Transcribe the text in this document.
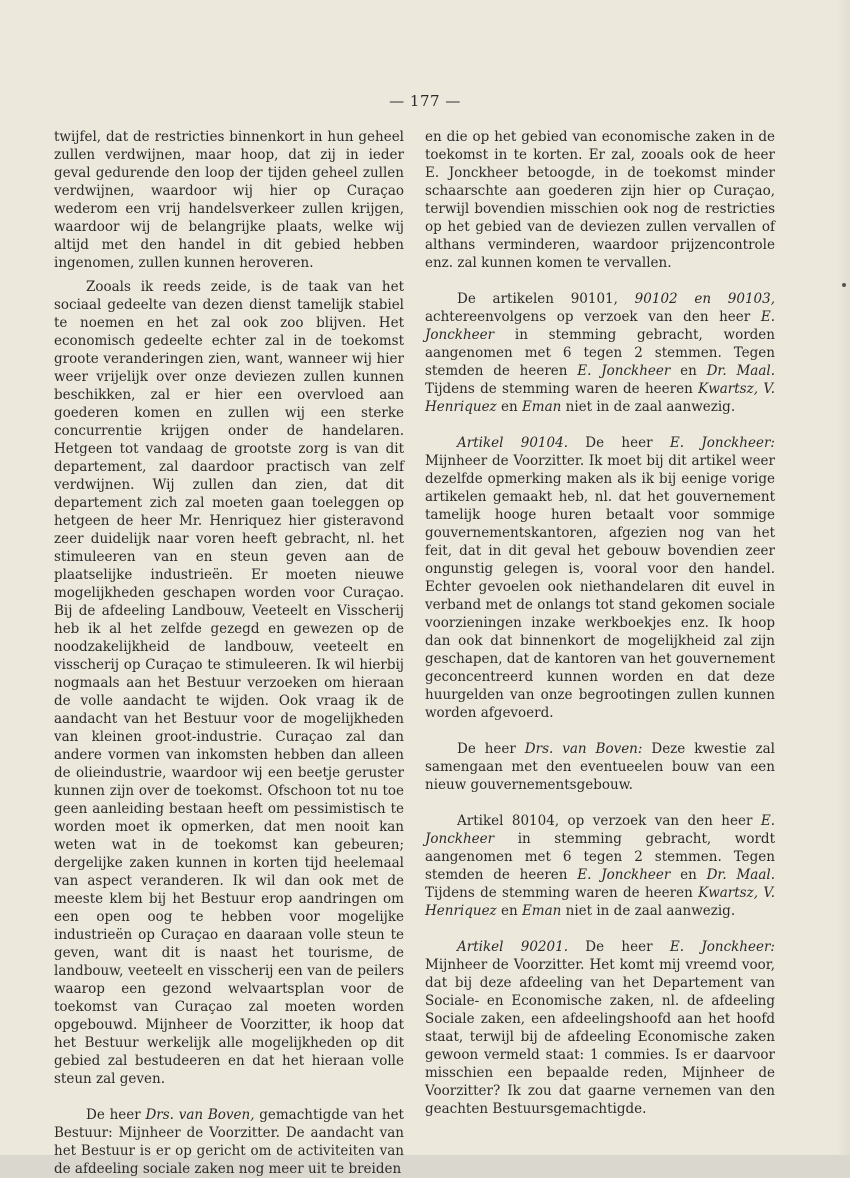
— 177 —

twijfel, dat de restricties binnenkort in hun geheel zullen verdwijnen, maar hoop, dat zij in ieder geval gedurende den loop der tijden geheel zullen verdwijnen, waardoor wij hier op Curaçao wederom een vrij handelsverkeer zullen krijgen, waardoor wij de belangrijke plaats, welke wij altijd met den handel in dit gebied hebben ingenomen, zullen kunnen heroveren.

Zooals ik reeds zeide, is de taak van het sociaal gedeelte van dezen dienst tamelijk stabiel te noemen en het zal ook zoo blijven. Het economisch gedeelte echter zal in de toekomst groote veranderingen zien, want, wanneer wij hier weer vrijelijk over onze deviezen zullen kunnen beschikken, zal er hier een overvloed aan goederen komen en zullen wij een sterke concurrentie krijgen onder de handelaren. Hetgeen tot vandaag de grootste zorg is van dit departement, zal daardoor practisch van zelf verdwijnen. Wij zullen dan zien, dat dit departement zich zal moeten gaan toeleggen op hetgeen de heer Mr. Henriquez hier gisteravond zeer duidelijk naar voren heeft gebracht, nl. het stimuleeren van en steun geven aan de plaatselijke industrieën. Er moeten nieuwe mogelijkheden geschapen worden voor Curaçao. Bij de afdeeling Landbouw, Veeteelt en Visscherij heb ik al het zelfde gezegd en gewezen op de noodzakelijkheid de landbouw, veeteelt en visscherij op Curaçao te stimuleeren. Ik wil hierbij nogmaals aan het Bestuur verzoeken om hieraan de volle aandacht te wijden. Ook vraag ik de aandacht van het Bestuur voor de mogelijkheden van kleinen groot-industrie. Curaçao zal dan andere vormen van inkomsten hebben dan alleen de olieindustrie, waardoor wij een beetje geruster kunnen zijn over de toekomst. Ofschoon tot nu toe geen aanleiding bestaan heeft om pessimistisch te worden moet ik opmerken, dat men nooit kan weten wat in de toekomst kan gebeuren; dergelijke zaken kunnen in korten tijd heelemaal van aspect veranderen. Ik wil dan ook met de meeste klem bij het Bestuur erop aandringen om een open oog te hebben voor mogelijke industrieën op Curaçao en daaraan volle steun te geven, want dit is naast het tourisme, de landbouw, veeteelt en visscherij een van de peilers waarop een gezond welvaartsplan voor de toekomst van Curaçao zal moeten worden opgebouwd. Mijnheer de Voorzitter, ik hoop dat het Bestuur werkelijk alle mogelijkheden op dit gebied zal bestudeeren en dat het hieraan volle steun zal geven.

De heer Drs. van Boven, gemachtigde van het Bestuur: Mijnheer de Voorzitter. De aandacht van het Bestuur is er op gericht om de activiteiten van de afdeeling sociale zaken nog meer uit te breiden

en die op het gebied van economische zaken in de toekomst in te korten. Er zal, zooals ook de heer E. Jonckheer betoogde, in de toekomst minder schaarschte aan goederen zijn hier op Curaçao, terwijl bovendien misschien ook nog de restricties op het gebied van de deviezen zullen vervallen of althans verminderen, waardoor prijzencontrole enz. zal kunnen komen te vervallen.

De artikelen 90101, 90102 en 90103, achtereenvolgens op verzoek van den heer E. Jonckheer in stemming gebracht, worden aangenomen met 6 tegen 2 stemmen. Tegen stemden de heeren E. Jonckheer en Dr. Maal. Tijdens de stemming waren de heeren Kwartsz, V. Henriquez en Eman niet in de zaal aanwezig.

Artikel 90104. De heer E. Jonckheer: Mijnheer de Voorzitter. Ik moet bij dit artikel weer dezelfde opmerking maken als ik bij eenige vorige artikelen gemaakt heb, nl. dat het gouvernement tamelijk hooge huren betaalt voor sommige gouvernementskantoren, afgezien nog van het feit, dat in dit geval het gebouw bovendien zeer ongunstig gelegen is, vooral voor den handel. Echter gevoelen ook niethandelaren dit euvel in verband met de onlangs tot stand gekomen sociale voorzieningen inzake werkboekjes enz. Ik hoop dan ook dat binnenkort de mogelijkheid zal zijn geschapen, dat de kantoren van het gouvernement geconcentreerd kunnen worden en dat deze huurgelden van onze begrootingen zullen kunnen worden afgevoerd.

De heer Drs. van Boven: Deze kwestie zal samengaan met den eventueelen bouw van een nieuw gouvernementsgebouw.

Artikel 80104, op verzoek van den heer E. Jonckheer in stemming gebracht, wordt aangenomen met 6 tegen 2 stemmen. Tegen stemden de heeren E. Jonckheer en Dr. Maal. Tijdens de stemming waren de heeren Kwartsz, V. Henriquez en Eman niet in de zaal aanwezig.

Artikel 90201. De heer E. Jonckheer: Mijnheer de Voorzitter. Het komt mij vreemd voor, dat bij deze afdeeling van het Departement van Sociale- en Economische zaken, nl. de afdeeling Sociale zaken, een afdeelingshoofd aan het hoofd staat, terwijl bij de afdeeling Economische zaken gewoon vermeld staat: 1 commies. Is er daarvoor misschien een bepaalde reden, Mijnheer de Voorzitter? Ik zou dat gaarne vernemen van den geachten Bestuursgemachtigde.
